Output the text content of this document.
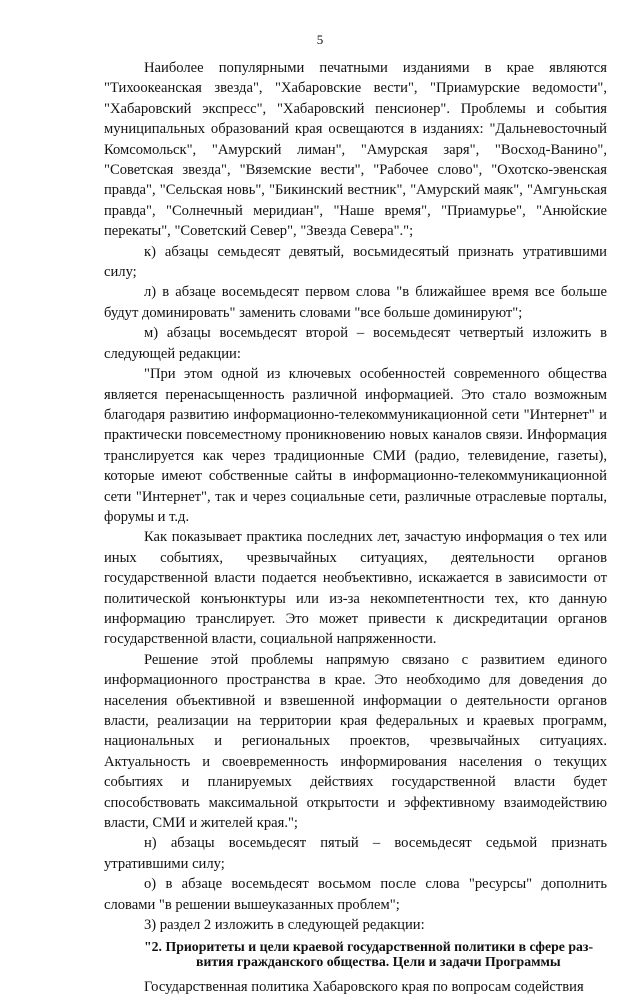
5

Наиболее популярными печатными изданиями в крае являются "Тихоокеанская звезда", "Хабаровские вести", "Приамурские ведомости", "Хабаровский экспресс", "Хабаровский пенсионер". Проблемы и события муниципальных образований края освещаются в изданиях: "Дальневосточный Комсомольск", "Амурский лиман", "Амурская заря", "Восход-Ванино", "Советская звезда", "Вяземские вести", "Рабочее слово", "Охотско-эвенская правда", "Сельская новь", "Бикинский вестник", "Амурский маяк", "Амгуньская правда", "Солнечный меридиан", "Наше время", "Приамурье", "Анюйские перекаты", "Советский Север", "Звезда Севера".";

к) абзацы семьдесят девятый, восьмидесятый признать утратившими силу;

л) в абзаце восемьдесят первом слова "в ближайшее время все больше будут доминировать" заменить словами "все больше доминируют";

м) абзацы восемьдесят второй – восемьдесят четвертый изложить в следующей редакции:

"При этом одной из ключевых особенностей современного общества является перенасыщенность различной информацией. Это стало возможным благодаря развитию информационно-телекоммуникационной сети "Интернет" и практически повсеместному проникновению новых каналов связи. Информация транслируется как через традиционные СМИ (радио, телевидение, газеты), которые имеют собственные сайты в информационно-телекоммуникационной сети "Интернет", так и через социальные сети, различные отраслевые порталы, форумы и т.д.

Как показывает практика последних лет, зачастую информация о тех или иных событиях, чрезвычайных ситуациях, деятельности органов государственной власти подается необъективно, искажается в зависимости от политической конъюнктуры или из-за некомпетентности тех, кто данную информацию транслирует. Это может привести к дискредитации органов государственной власти, социальной напряженности.

Решение этой проблемы напрямую связано с развитием единого информационного пространства в крае. Это необходимо для доведения до населения объективной и взвешенной информации о деятельности органов власти, реализации на территории края федеральных и краевых программ, национальных и региональных проектов, чрезвычайных ситуациях. Актуальность и своевременность информирования населения о текущих событиях и планируемых действиях государственной власти будет способствовать максимальной открытости и эффективному взаимодействию власти, СМИ и жителей края.";

н) абзацы восемьдесят пятый – восемьдесят седьмой признать утратившими силу;

о) в абзаце восемьдесят восьмом после слова "ресурсы" дополнить словами "в решении вышеуказанных проблем";

3) раздел 2 изложить в следующей редакции:

"2. Приоритеты и цели краевой государственной политики в сфере раз-
вития гражданского общества. Цели и задачи Программы

Государственная политика Хабаровского края по вопросам содействия
